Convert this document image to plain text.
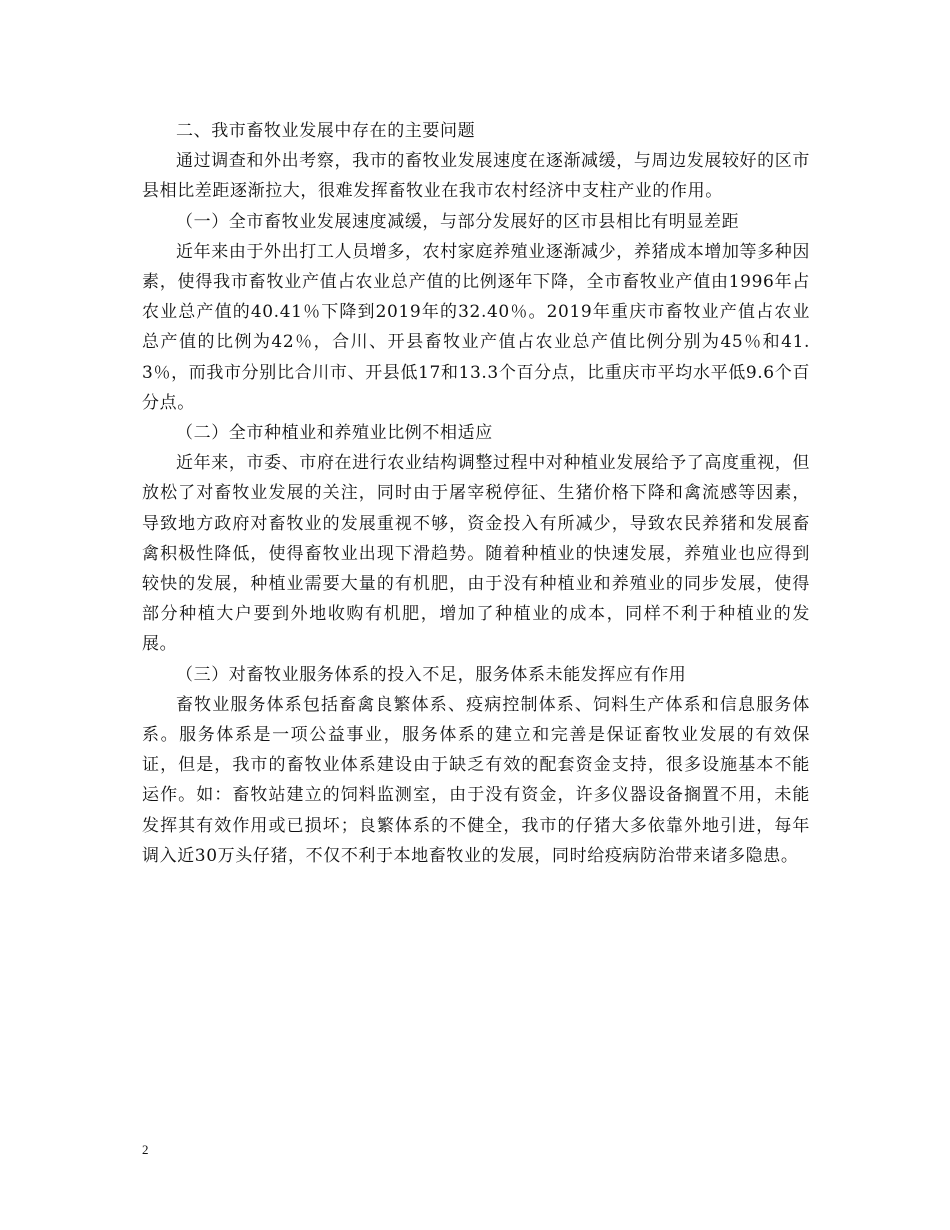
二、我市畜牧业发展中存在的主要问题

通过调查和外出考察，我市的畜牧业发展速度在逐渐减缓，与周边发展较好的区市县相比差距逐渐拉大，很难发挥畜牧业在我市农村经济中支柱产业的作用。

（一）全市畜牧业发展速度减缓，与部分发展好的区市县相比有明显差距

近年来由于外出打工人员增多，农村家庭养殖业逐渐减少，养猪成本增加等多种因素，使得我市畜牧业产值占农业总产值的比例逐年下降，全市畜牧业产值由1996年占农业总产值的40.41％下降到2019年的32.40％。2019年重庆市畜牧业产值占农业总产值的比例为42％，合川、开县畜牧业产值占农业总产值比例分别为45％和41.3％，而我市分别比合川市、开县低17和13.3个百分点，比重庆市平均水平低9.6个百分点。

（二）全市种植业和养殖业比例不相适应

近年来，市委、市府在进行农业结构调整过程中对种植业发展给予了高度重视，但放松了对畜牧业发展的关注，同时由于屠宰税停征、生猪价格下降和禽流感等因素，导致地方政府对畜牧业的发展重视不够，资金投入有所减少，导致农民养猪和发展畜禽积极性降低，使得畜牧业出现下滑趋势。随着种植业的快速发展，养殖业也应得到较快的发展，种植业需要大量的有机肥，由于没有种植业和养殖业的同步发展，使得部分种植大户要到外地收购有机肥，增加了种植业的成本，同样不利于种植业的发展。

（三）对畜牧业服务体系的投入不足，服务体系未能发挥应有作用

畜牧业服务体系包括畜禽良繁体系、疫病控制体系、饲料生产体系和信息服务体系。服务体系是一项公益事业，服务体系的建立和完善是保证畜牧业发展的有效保证，但是，我市的畜牧业体系建设由于缺乏有效的配套资金支持，很多设施基本不能运作。如：畜牧站建立的饲料监测室，由于没有资金，许多仪器设备搁置不用，未能发挥其有效作用或已损坏；良繁体系的不健全，我市的仔猪大多依靠外地引进，每年调入近30万头仔猪，不仅不利于本地畜牧业的发展，同时给疫病防治带来诸多隐患。

2
